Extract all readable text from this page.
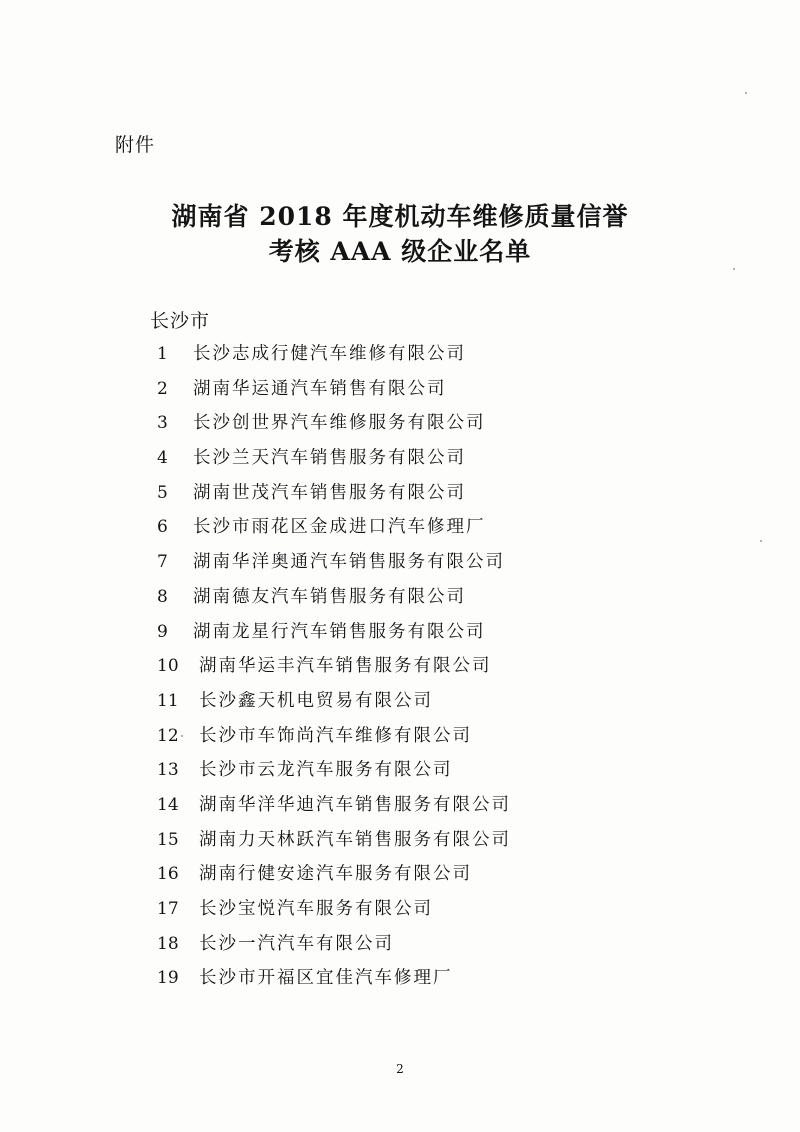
附件
湖南省 2018 年度机动车维修质量信誉
考核 AAA 级企业名单
长沙市
1 长沙志成行健汽车维修有限公司
2 湖南华运通汽车销售有限公司
3 长沙创世界汽车维修服务有限公司
4 长沙兰天汽车销售服务有限公司
5 湖南世茂汽车销售服务有限公司
6 长沙市雨花区金成进口汽车修理厂
7 湖南华洋奥通汽车销售服务有限公司
8 湖南德友汽车销售服务有限公司
9 湖南龙星行汽车销售服务有限公司
10 湖南华运丰汽车销售服务有限公司
11 长沙鑫天机电贸易有限公司
12 长沙市车饰尚汽车维修有限公司
13 长沙市云龙汽车服务有限公司
14 湖南华洋华迪汽车销售服务有限公司
15 湖南力天林跃汽车销售服务有限公司
16 湖南行健安途汽车服务有限公司
17 长沙宝悦汽车服务有限公司
18 长沙一汽汽车有限公司
19 长沙市开福区宜佳汽车修理厂
2
